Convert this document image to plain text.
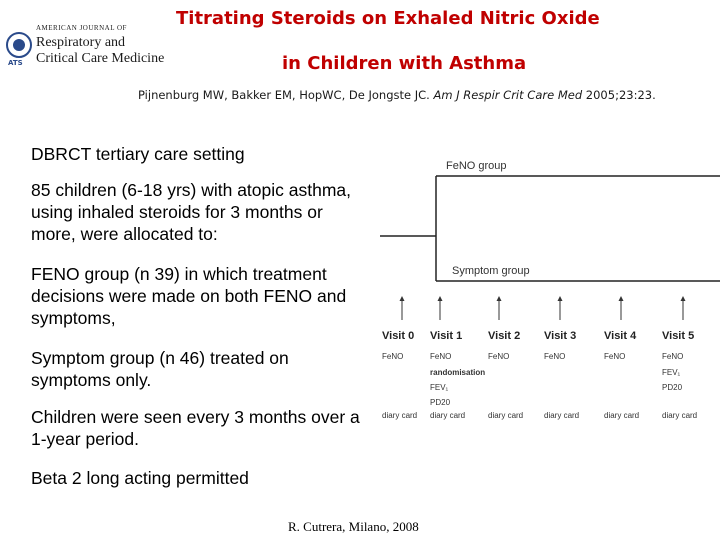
ATS
AMERICAN JOURNAL OF
Respiratory and
Critical Care Medicine
Titrating Steroids on Exhaled Nitric Oxide
in Children with Asthma
Pijnenburg MW, Bakker EM, HopWC, De Jongste JC. Am J Respir Crit Care Med 2005;23:23.
DBRCT tertiary care setting
85 children (6-18 yrs) with atopic asthma, using inhaled steroids for 3 months or more, were allocated to:
FENO group (n 39) in which treatment decisions were made on both FENO and symptoms,
Symptom group (n 46) treated on symptoms only.
Children were seen every 3 months over a 1-year period.
Beta 2 long acting permitted
FeNO group
Symptom group
Visit 0
FeNO
diary card
Visit 1
FeNO
randomisation
FEV₁
PD20
diary card
Visit 2
FeNO
diary card
Visit 3
FeNO
diary card
Visit 4
FeNO
diary card
Visit 5
FeNO
FEV₁
PD20
diary card
R. Cutrera, Milano, 2008
